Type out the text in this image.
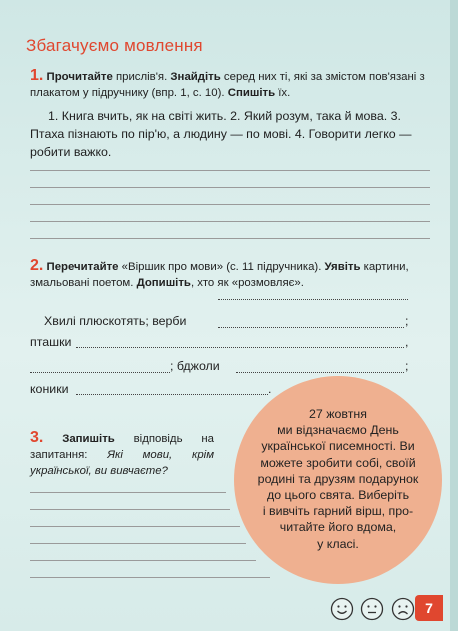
Збагачуємо мовлення
1. Прочитайте прислів'я. Знайдіть серед них ті, які за змістом пов'язані з плакатом у підручнику (впр. 1, с. 10). Спишіть їх.
1. Книга вчить, як на світі жить. 2. Який розум, така й мова. 3. Птаха пізнають по пір'ю, а людину — по мові. 4. Говорити легко — робити важко.
2. Перечитайте «Віршик про мови» (с. 11 підручника). Уявіть картини, змальовані поетом. Допишіть, хто як «розмовляє».
Хвилі плюскотять; верби	;
пташки	,
; бджоли	;
коники	.
3. Запишіть відповідь на запитання: Які мови, крім української, ви вивчаєте?
27 жовтня
ми відзначаємо День
української писемності. Ви
можете зробити собі, своїй
родині та друзям подарунок
до цього свята. Виберіть
і вивчіть гарний вірш, про-
читайте його вдома,
у класі.

7
